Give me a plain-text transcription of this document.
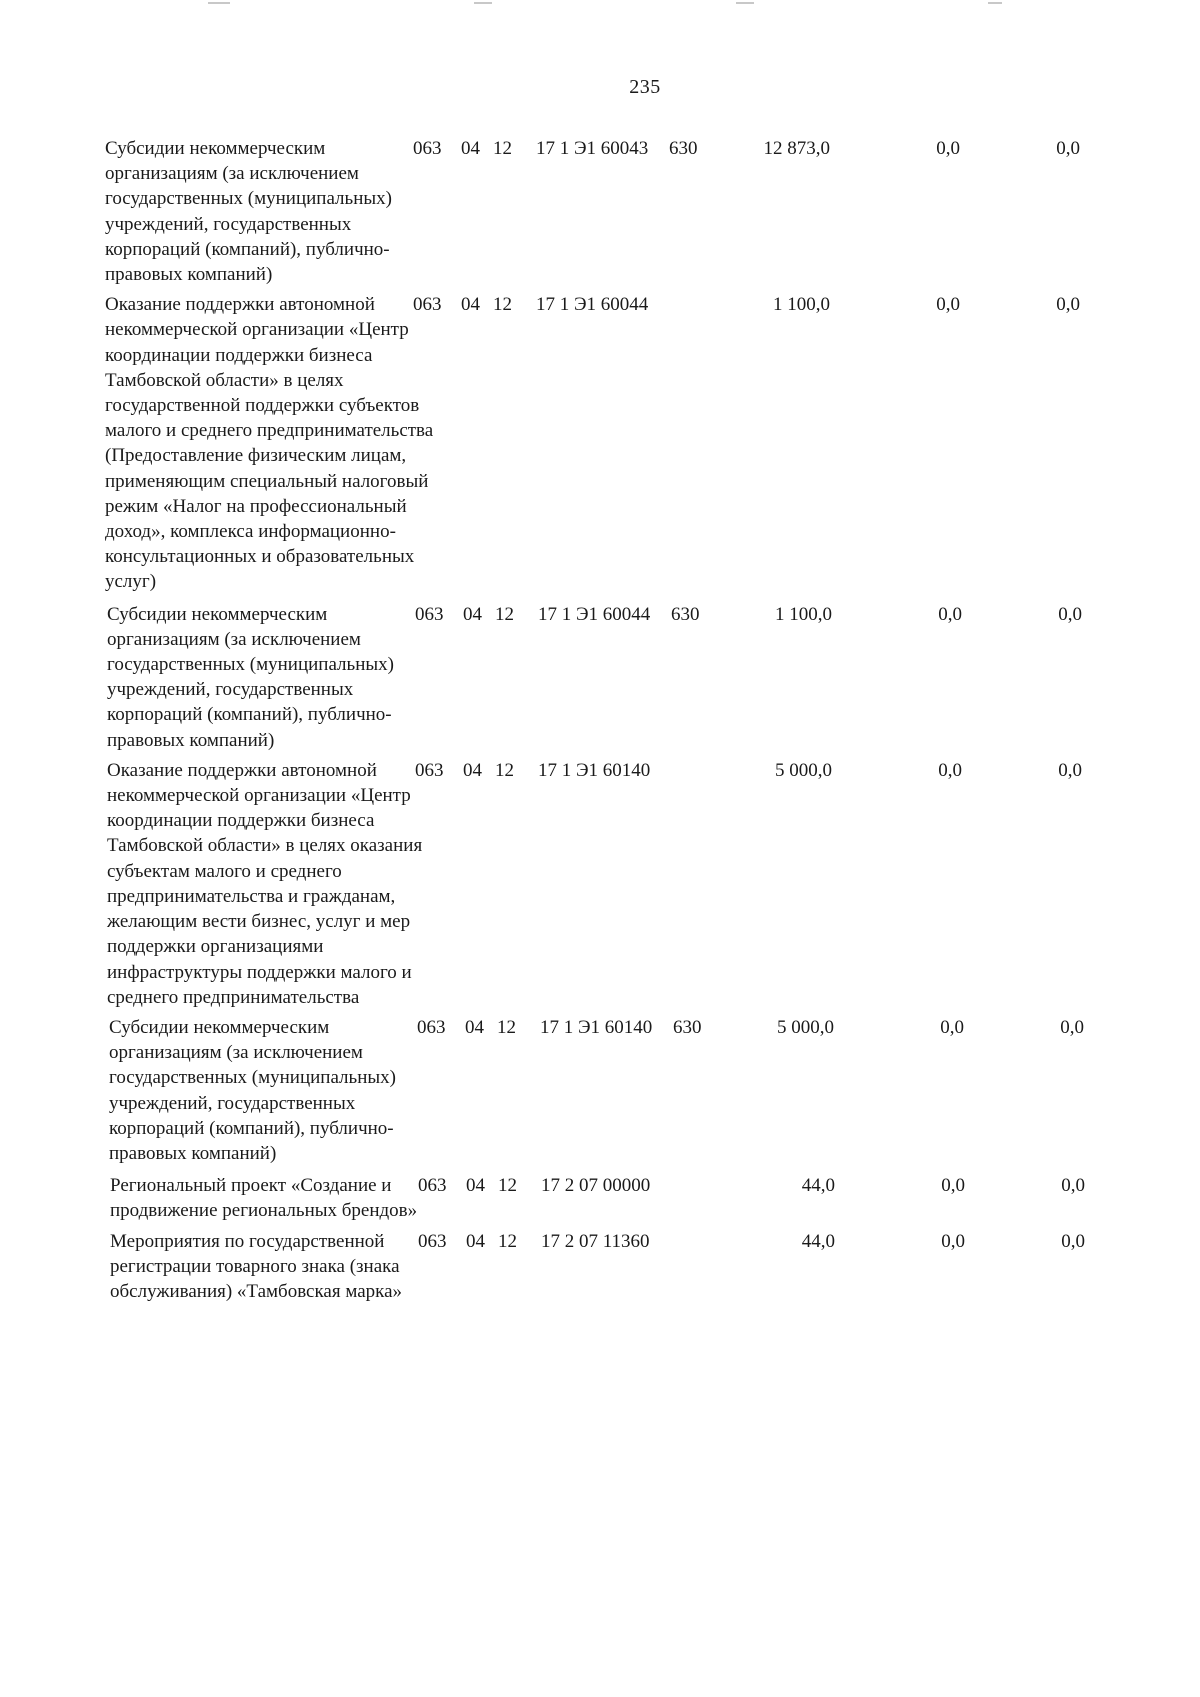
235
Субсидии некоммерческим организациям (за исключением государственных (муниципальных) учреждений, государственных корпораций (компаний), публично-правовых компаний)
063	04 12	17 1 Э1 60043	630	12 873,0	0,0	0,0
Оказание поддержки автономной некоммерческой организации «Центр координации поддержки бизнеса Тамбовской области» в целях государственной поддержки субъектов малого и среднего предпринимательства (Предоставление физическим лицам, применяющим специальный налоговый режим «Налог на профессиональный доход», комплекса информационно-консультационных и образовательных услуг)
063	04 12	17 1 Э1 60044	1 100,0	0,0	0,0
Субсидии некоммерческим организациям (за исключением государственных (муниципальных) учреждений, государственных корпораций (компаний), публично-правовых компаний)
063	04 12	17 1 Э1 60044	630	1 100,0	0,0	0,0
Оказание поддержки автономной некоммерческой организации «Центр координации поддержки бизнеса Тамбовской области» в целях оказания субъектам малого и среднего предпринимательства и гражданам, желающим вести бизнес, услуг и мер поддержки организациями инфраструктуры поддержки малого и среднего предпринимательства
063	04 12	17 1 Э1 60140	5 000,0	0,0	0,0
Субсидии некоммерческим организациям (за исключением государственных (муниципальных) учреждений, государственных корпораций (компаний), публично-правовых компаний)
063	04 12	17 1 Э1 60140	630	5 000,0	0,0	0,0
Региональный проект «Создание и продвижение региональных брендов»
063	04 12	17 2 07 00000	44,0	0,0	0,0
Мероприятия по государственной регистрации товарного знака (знака обслуживания) «Тамбовская марка»
063	04 12	17 2 07 11360	44,0	0,0	0,0
